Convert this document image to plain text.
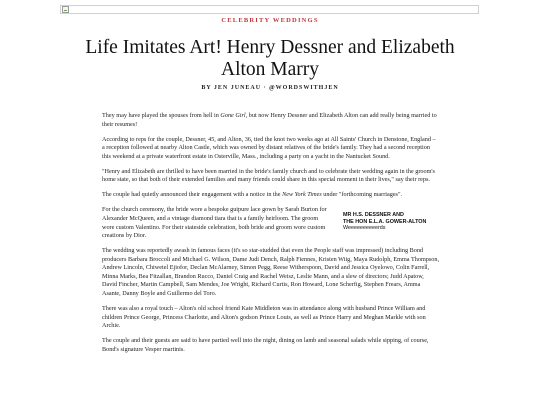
CELEBRITY WEDDINGS
Life Imitates Art! Henry Dessner and Elizabeth Alton Marry
BY JEN JUNEAU · @WORDSWITHJEN

They may have played the spouses from hell in Gone Girl, but now Henry Dessner and Elizabeth Alton can add really being married to their resumes!

According to reps for the couple, Dessner, 45, and Alton, 36, tied the knot two weeks ago at All Saints' Church in Denstone, England – a reception followed at nearby Alton Castle, which was owned by distant relatives of the bride's family. They had a second reception this weekend at a private waterfront estate in Osterville, Mass., including a party on a yacht in the Nantucket Sound.

"Henry and Elizabeth are thrilled to have been married in the bride's family church and to celebrate their wedding again in the groom's home state, so that both of their extended families and many friends could share in this special moment in their lives," say their reps.

The couple had quietly announced their engagement with a notice in the New York Times under "forthcoming marriages".

For the church ceremony, the bride wore a bespoke guipure lace gown by Sarah Burton for Alexander McQueen, and a vintage diamond tiara that is a family heirloom. The groom wore custom Valentino. For their stateside celebration, both bride and groom wore custom creations by Dior.

MR H.S. DESSNER AND
THE HON E.L.A. GOWER-ALTON
Weeeeeeeeeerds

The wedding was reportedly awash in famous faces (it's so star-studded that even the People staff was impressed) including Bond producers Barbara Broccoli and Michael G. Wilson, Dame Judi Dench, Ralph Fiennes, Kristen Wiig, Maya Rudolph, Emma Thompson, Andrew Lincoln, Chiwetel Ejiofor, Declan McAlarney, Simon Pegg, Reese Witherspoon, David and Jessica Oyelowo, Colin Farrell, Minna Marks, Bea Fitzallan, Brandon Rucco, Daniel Craig and Rachel Weisz, Leslie Mann, and a slew of directors; Judd Apatow, David Fincher, Martin Campbell, Sam Mendes, Joe Wright, Richard Curtis, Ron Howard, Lone Scherfig, Stephen Frears, Amma Asante, Danny Boyle and Guillermo del Toro.

There was also a royal touch – Alton's old school friend Kate Middleton was in attendance along with husband Prince William and children Prince George, Princess Charlotte, and Alton's godson Prince Louis, as well as Prince Harry and Meghan Markle with son Archie.

The couple and their guests are said to have partied well into the night, dining on lamb and seasonal salads while sipping, of course, Bond's signature Vesper martinis.
